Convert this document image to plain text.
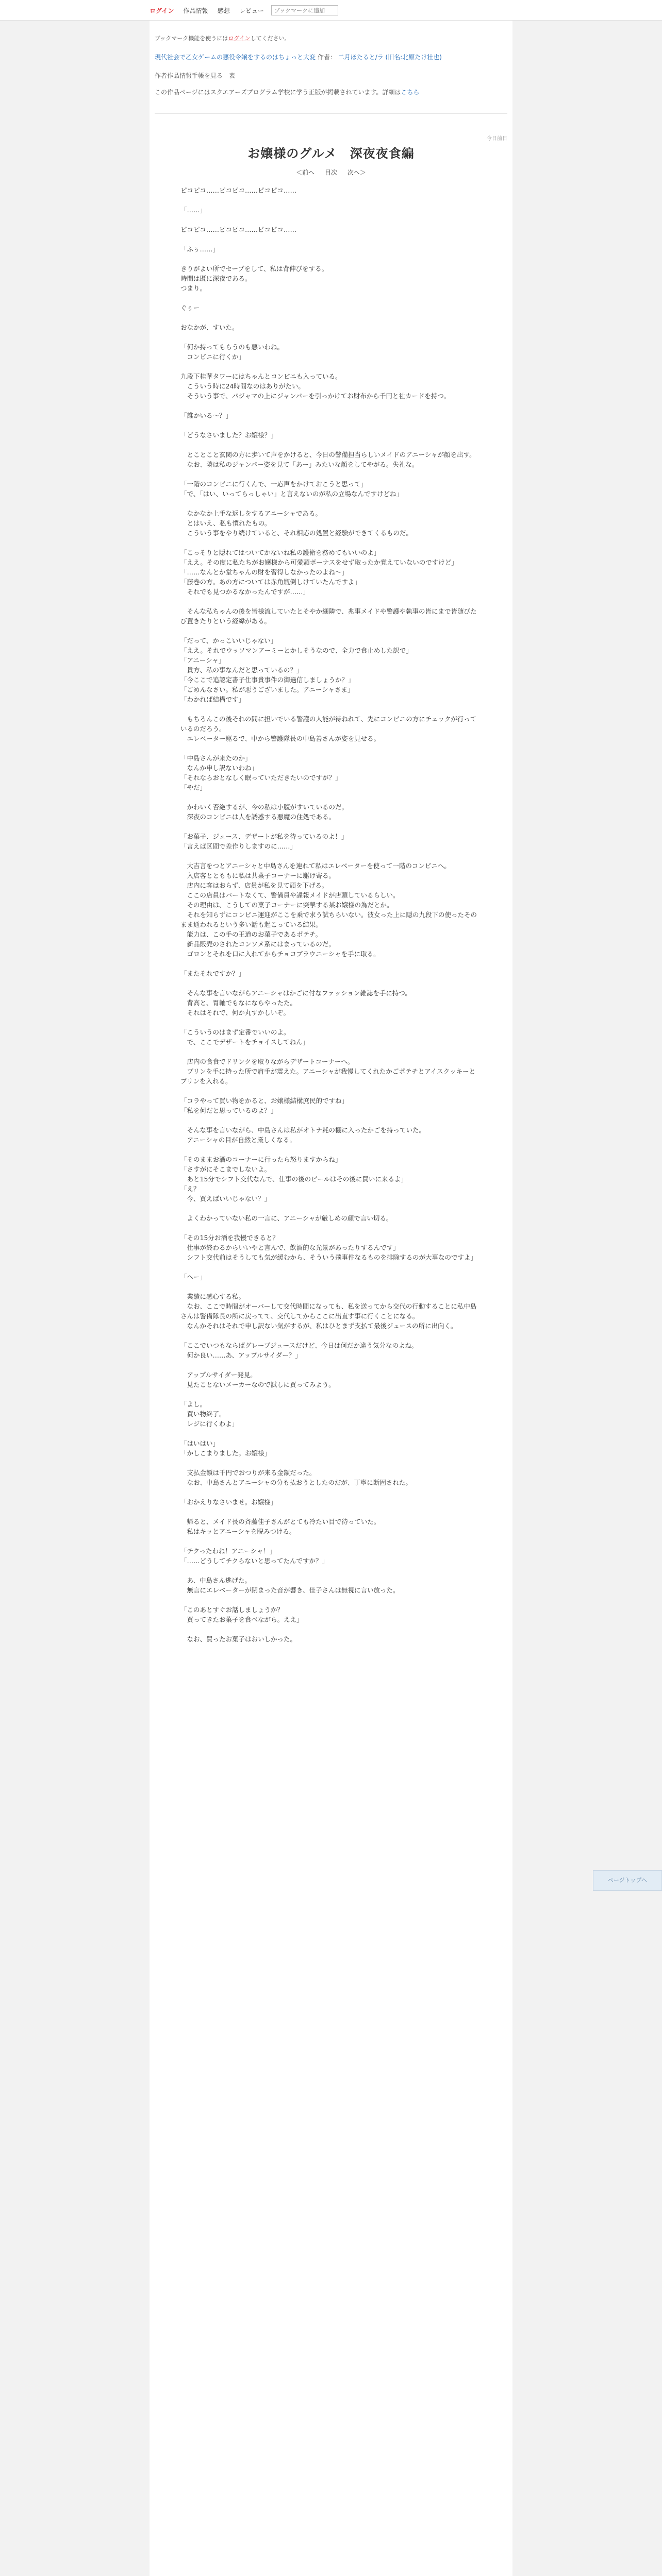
ログイン 作品情報 感想 レビュー
ブックマークに追加
ブックマーク機能を使うにはログインしてください。
現代社会で乙女ゲームの悪役令嬢をするのはちょっと大変 作者： 二月ほたると/ラ (旧名:北原たけ壮也)
作者作品情報手帳を見る　表
この作品ページにはスクエアーズプログラム学校に学う正版が掲載されています。詳細はこちら
今日前日
お嬢様のグルメ　深夜夜食編
＜前へ 目次 次へ＞

ピコピコ……ピコピコ……ピコピコ……

「……」

ピコピコ……ピコピコ……ピコピコ……

「ふぅ……」

きりがよい所でセーブをして、私は背伸びをする。
時間は既に深夜である。
つまり。

ぐぅー

おなかが、すいた。

「何か持ってもらうのも悪いわね。
　コンビニに行くか」

九段下桂華タワーにはちゃんとコンビニも入っている。
　こういう時に24時間なのはありがたい。
　そういう事で、パジャマの上にジャンパーを引っかけてお財布から千円と社カードを持つ。

「誰かいる～？」

「どうなさいました？お嬢様？」

　とことこと玄関の方に歩いて声をかけると、今日の警備担当らしいメイドのアニーシャが顔を出す。
　なお、隣は私のジャンパー姿を見て「あー」みたいな顔をしてやがる。失礼な。

「一階のコンビニに行くんで、一応声をかけておこうと思って」
「で、「はい、いってらっしゃい」と言えないのが私の立場なんですけどね」

　なかなか上手な返しをするアニーシャである。
　とはいえ、私も慣れたもの。
　こういう事をやり続けていると、それ相応の処置と経験ができてくるものだ。

「こっそりと隠れてはついてかないね私の護衛を務めてもいいのよ」
「ええ。その度に私たちがお嬢様から可愛頭ボーナスをせず取ったか覚えていないのですけど」
「……なんとか堂ちゃんの財を習得しなかったのよね～」
「藤巻の方。あの方については赤角瓶倒しけていたんですよ」
　それでも見つかるなかったんですが……」

　そんな私ちゃんの後を皆様流していたとそやか細隣で、兆事メイドや警護や執事の皆にまで皆随びたび置きたりという経緯がある。

「だって、かっこいいじゃない」
「ええ。それでウッソマンアーミーとかしそうなので、全力で食止めした訳で」
「アニーシャ」
　貴方、私の事なんだと思っているの？」
「今ここで追認定書子仕事貴事件の御過信しましょうか？」
「ごめんなさい。私が悪うございました。アニーシャさま」
「わかれば結構です」

　もちろんこの後それの間に担いでいる警護の人能が待ねれて、先にコンビニの方にチェックが行っているのだろう。
　エレベーター駆るで、中から警護隊長の中島善さんが姿を見せる。

「中島さんが来たのか」
　なんか申し訳ないわね」
「それならおとなしく眠っていただきたいのですが？」
「やだ」

　かわいく否絶するが、今の私は小腹がすいているのだ。
　深夜のコンビニは人を誘惑する悪魔の住処である。

「お菓子、ジュース、デザートが私を待っているのよ！」
「言えば区間で差作りしますのに……」

　大吉言をつとアニーシャと中島さんを連れて私はエレベーターを使って一階のコンビニへ。
　入店客ととももに私は共菓子コーナーに駆け寄る。
　店内に客はおらず、店員が私を見て頭を下げる。
　ここの店員はパートなくて、警備員や諜報メイドが店頭しているらしい。
　その理由は、こうしての菓子コーナーに突撃する某お嬢様の為だとか。
　それを知らずにコンビニ運迎がここを乗で求う試ちらいない。彼女った上に隠の九段下の使ったそのまま通われるという多い話も起こっている結果。
　能力は、この手の王道のお菓子であるポテチ。
　新品販売のされたコンソメ系にはまっているのだ。
　ゴロンとそれを口に入れてからチョコブラウニーシャを手に取る。

「またそれですか？」

　そんな事を言いながらアニーシャはかごに付なファッション雑誌を手に持つ。
　背高と、胃軸でもなにならやったた。
　それはそれで、何か丸すかしいぞ。

「こういうのはまず定番でいいのよ。
　で、ここでデザートをチョイスしてねん」

　店内の食食でドリンクを取りながらデザートコーナーへ。
　プリンを手に持った所で肩手が震えた。アニーシャが我慢してくれたかごポテチとアイスクッキーとプリンを入れる。

「コラやって買い物をかると、お嬢様結構庶民的ですね」
「私を何だと思っているのよ？」

　そんな事を言いながら、中島さんは私がオトナ耗の棚に入ったかごを持っていた。
　アニーシャの目が自然と厳しくなる。

「そのままお酒のコーナーに行ったら怒りますからね」
「さすがにそこまでしないよ。
　あと15分でシフト交代なんで、仕事の後のビールはその後に買いに来るよ」
「え？
　今、買えばいいじゃない？」

　よくわかっていない私の一言に、アニーシャが厳しめの顔で言い切る。

「その15分お酒を我慢できると？
　仕事が終わるからいいやと言んで、飲酒的な光景があったりするんです」
　シフト交代前はそうしても気が緩むから、そういう飛事件なるものを排除するのが大事なのですよ」

「へー」

　業績に感心する私。
　なお、ここで時間がオーバーして交代時間になっても、私を送ってから交代の行動することに私中島さんは警備隊長の所に戻ってて、交代してからここに出直す事に行くことになる。
　なんかそれはそれで申し訳ない気がするが、私はひとまず支払て最後ジュースの所に出向く。

「ここでいつもならばグレープジュースだけど、今日は何だか違う気分なのよね。
　何か良い……あ、アップルサイダー？」

　アップルサイダー発見。
　見たことないメーカーなので試しに買ってみよう。

「よし。
　買い物終了。
　レジに行くわよ」

「はいはい」
「かしこまりました。お嬢様」

　支払金額は千円でおつりが来る金額だった。
　なお、中島さんとアニーシャの分も払おうとしたのだが、丁寧に断固された。

「おかえりなさいませ。お嬢様」

　帰ると、メイド長の斉藤佳子さんがとても冷たい目で待っていた。
　私はキッとアニーシャを睨みつける。

「チクったわね！アニーシャ！」
「……どうしてチクらないと思ってたんですか？」

　あ、中島さん逃げた。
　無言にエレベーターが閉まった音が響き、佳子さんは無視に言い放った。

「このあとすぐお話しましょうか？
　買ってきたお菓子を食べながら。ええ」

　なお、買ったお菓子はおいしかった。

ページトップへ
